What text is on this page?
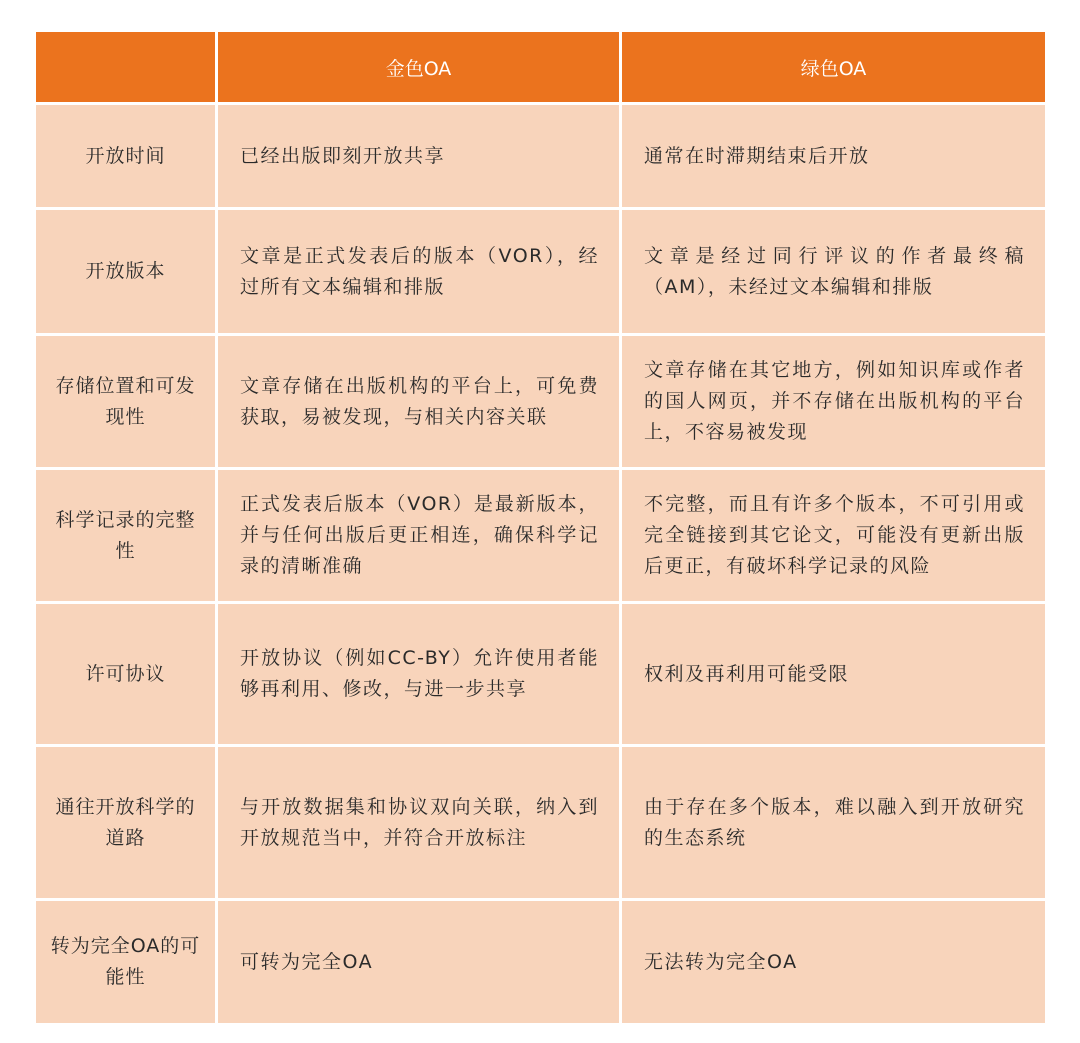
	金色OA	绿色OA
开放时间	已经出版即刻开放共享	通常在时滞期结束后开放
开放版本	文章是正式发表后的版本（VOR），经过所有文本编辑和排版	文章是经过同行评议的作者最终稿（AM），未经过文本编辑和排版
存储位置和可发现性	文章存储在出版机构的平台上，可免费获取，易被发现，与相关内容关联	文章存储在其它地方，例如知识库或作者的国人网页，并不存储在出版机构的平台上，不容易被发现
科学记录的完整性	正式发表后版本（VOR）是最新版本，并与任何出版后更正相连，确保科学记录的清晰准确	不完整，而且有许多个版本，不可引用或完全链接到其它论文，可能没有更新出版后更正，有破坏科学记录的风险
许可协议	开放协议（例如CC-BY）允许使用者能够再利用、修改，与进一步共享	权利及再利用可能受限
通往开放科学的道路	与开放数据集和协议双向关联，纳入到开放规范当中，并符合开放标注	由于存在多个版本，难以融入到开放研究的生态系统
转为完全OA的可能性	可转为完全OA	无法转为完全OA
